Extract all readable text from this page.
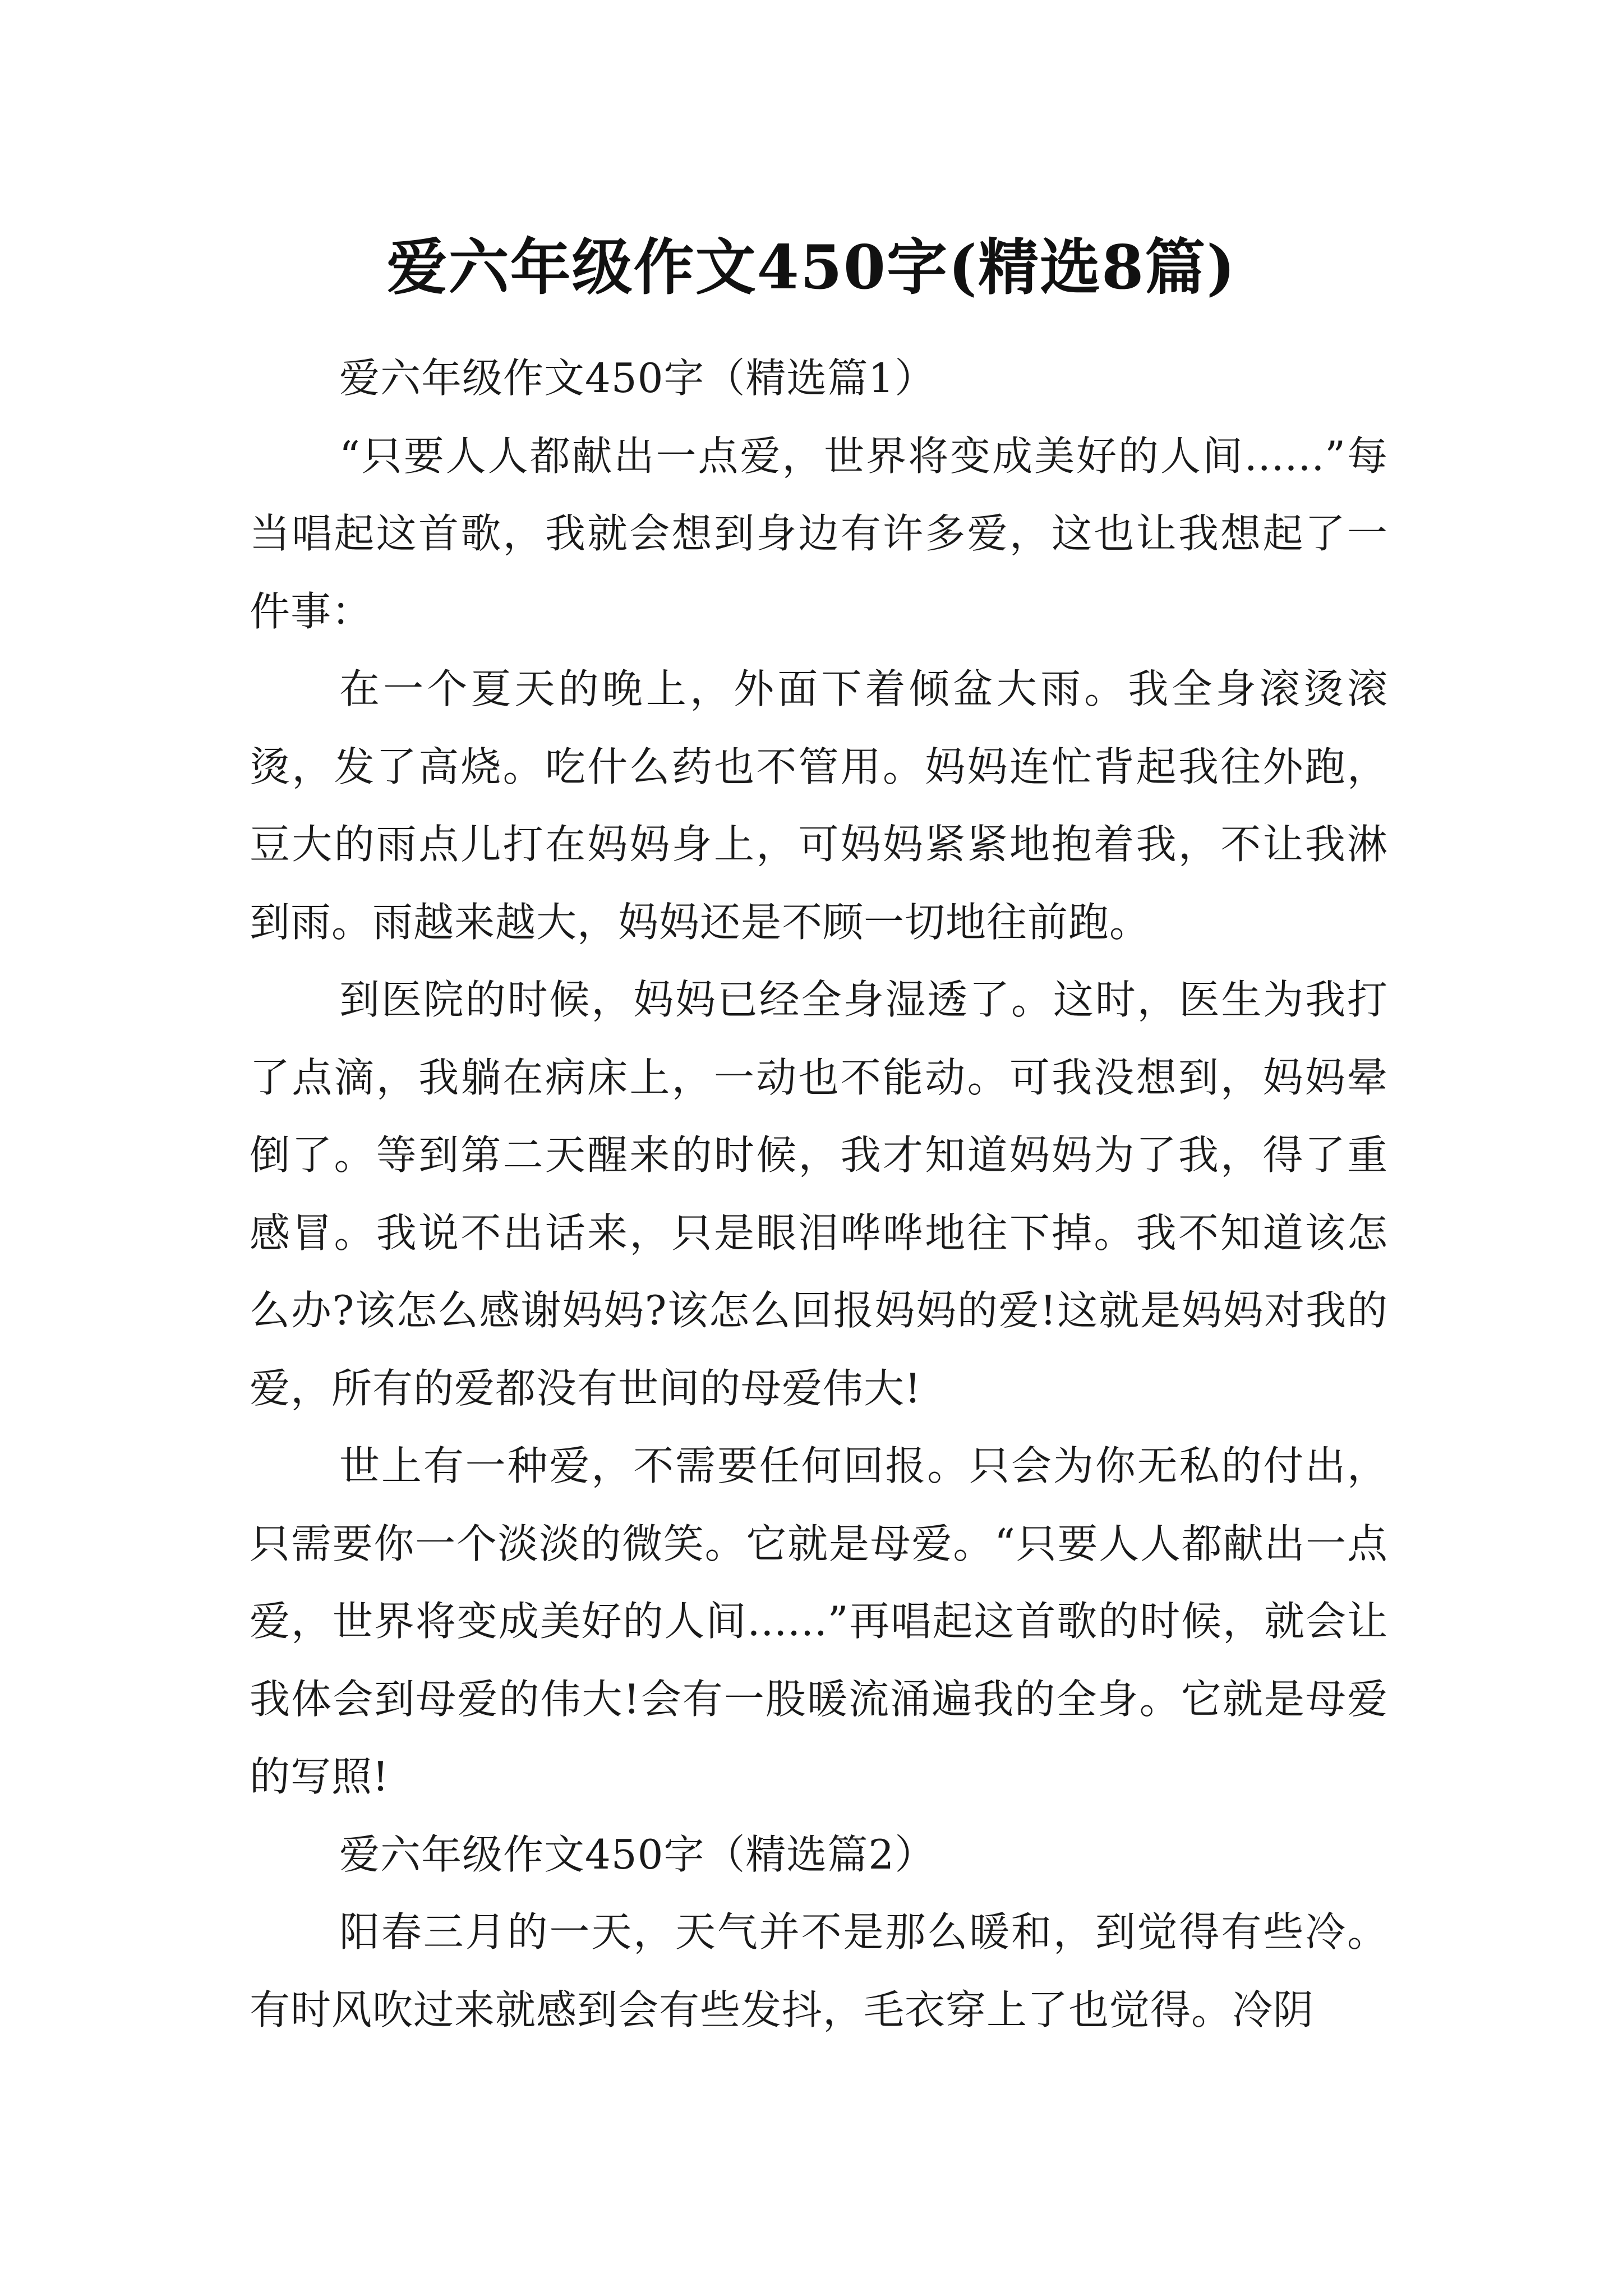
爱六年级作文450字(精选8篇)

爱六年级作文450字（精选篇1）

“只要人人都献出一点爱，世界将变成美好的人间......”每当唱起这首歌，我就会想到身边有许多爱，这也让我想起了一件事：

在一个夏天的晚上，外面下着倾盆大雨。我全身滚烫滚烫，发了高烧。吃什么药也不管用。妈妈连忙背起我往外跑，豆大的雨点儿打在妈妈身上，可妈妈紧紧地抱着我，不让我淋到雨。雨越来越大，妈妈还是不顾一切地往前跑。

到医院的时候，妈妈已经全身湿透了。这时，医生为我打了点滴，我躺在病床上，一动也不能动。可我没想到，妈妈晕倒了。等到第二天醒来的时候，我才知道妈妈为了我，得了重感冒。我说不出话来，只是眼泪哗哗地往下掉。我不知道该怎么办?该怎么感谢妈妈?该怎么回报妈妈的爱!这就是妈妈对我的爱，所有的爱都没有世间的母爱伟大!

世上有一种爱，不需要任何回报。只会为你无私的付出，只需要你一个淡淡的微笑。它就是母爱。“只要人人都献出一点爱，世界将变成美好的人间......”再唱起这首歌的时候，就会让我体会到母爱的伟大!会有一股暖流涌遍我的全身。它就是母爱的写照!

爱六年级作文450字（精选篇2）

阳春三月的一天，天气并不是那么暖和，到觉得有些冷。有时风吹过来就感到会有些发抖，毛衣穿上了也觉得。冷阴
